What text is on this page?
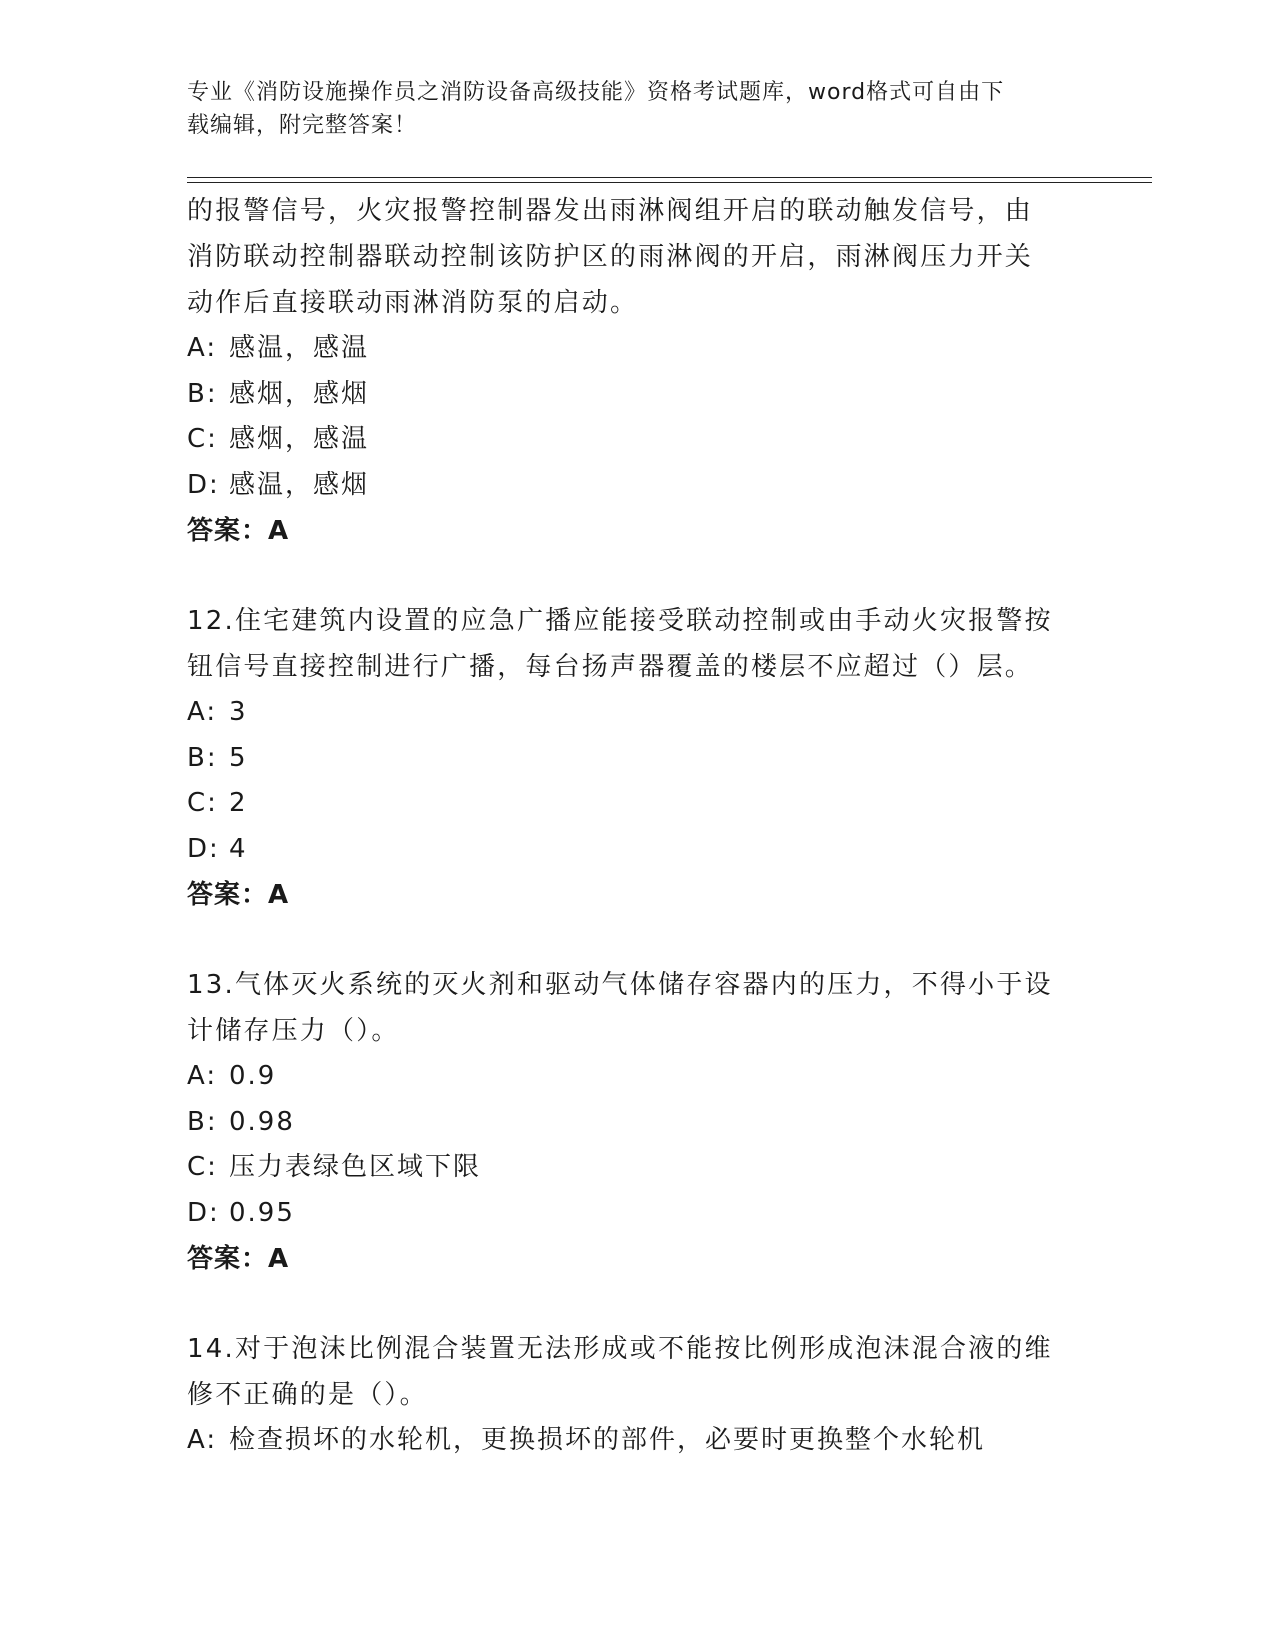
专业《消防设施操作员之消防设备高级技能》资格考试题库，word格式可自由下
载编辑，附完整答案！

的报警信号，火灾报警控制器发出雨淋阀组开启的联动触发信号，由

消防联动控制器联动控制该防护区的雨淋阀的开启，雨淋阀压力开关

动作后直接联动雨淋消防泵的启动。

A: 感温，感温

B: 感烟，感烟

C: 感烟，感温

D: 感温，感烟

答案：A

12.住宅建筑内设置的应急广播应能接受联动控制或由手动火灾报警按

钮信号直接控制进行广播，每台扬声器覆盖的楼层不应超过（）层。

A: 3

B: 5

C: 2

D: 4

答案：A

13.气体灭火系统的灭火剂和驱动气体储存容器内的压力，不得小于设

计储存压力（）。

A: 0.9

B: 0.98

C: 压力表绿色区域下限

D: 0.95

答案：A

14.对于泡沫比例混合装置无法形成或不能按比例形成泡沫混合液的维

修不正确的是（）。

A: 检查损坏的水轮机，更换损坏的部件，必要时更换整个水轮机
